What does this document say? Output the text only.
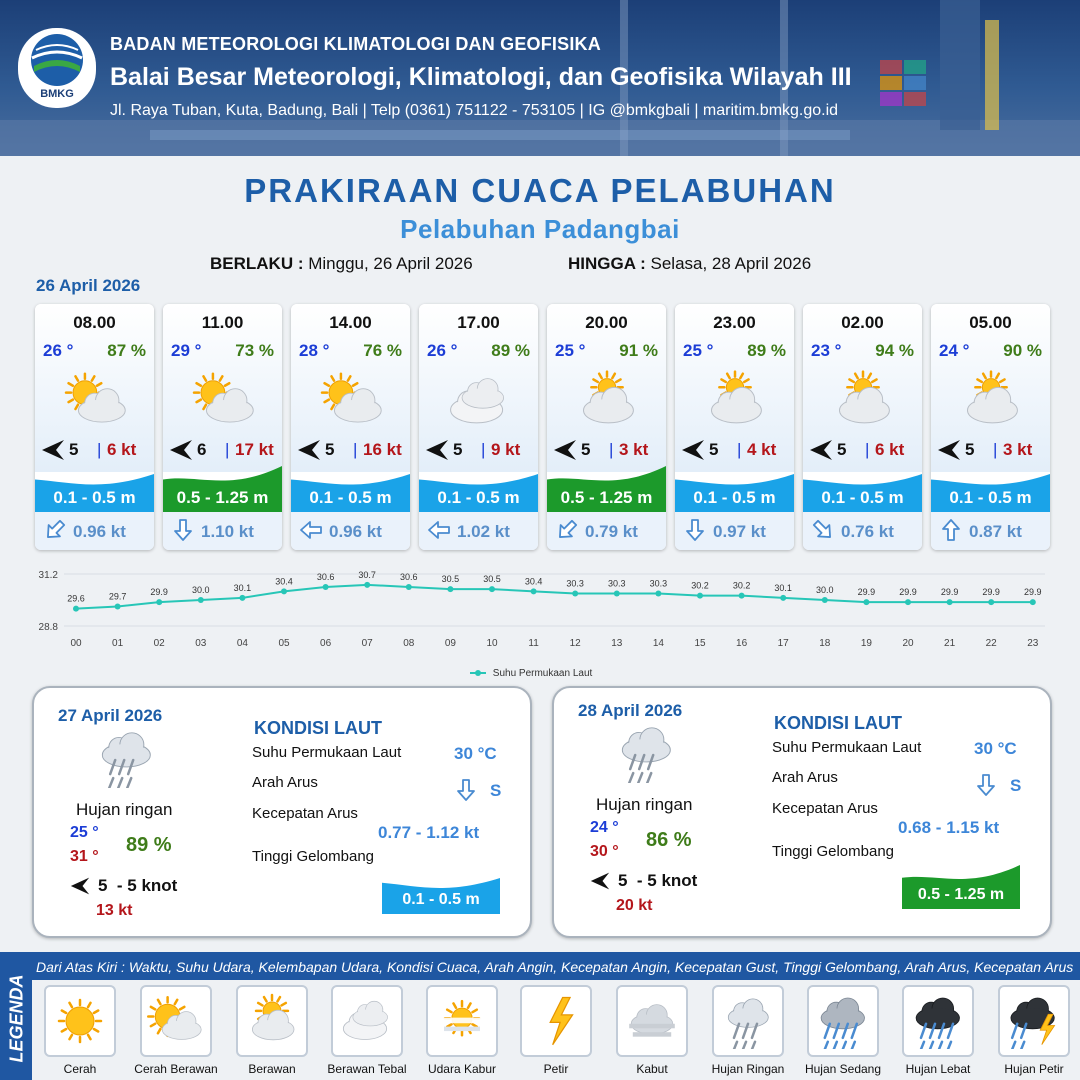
BMKG
BADAN METEOROLOGI KLIMATOLOGI DAN GEOFISIKA
Balai Besar Meteorologi, Klimatologi, dan Geofisika Wilayah III
Jl. Raya Tuban, Kuta, Badung, Bali | Telp (0361) 751122 - 753105 | IG @bmkgbali | maritim.bmkg.go.id
PRAKIRAAN CUACA PELABUHAN
Pelabuhan Padangbai
BERLAKU : Minggu, 26 April 2026	HINGGA : Selasa, 28 April 2026
26 April 2026
08.00
26 ° 87 %
5 | 6 kt
0.1 - 0.5 m
0.96 kt
11.00
29 ° 73 %
6 | 17 kt
0.5 - 1.25 m
1.10 kt
14.00
28 ° 76 %
5 | 16 kt
0.1 - 0.5 m
0.96 kt
17.00
26 ° 89 %
5 | 9 kt
0.1 - 0.5 m
1.02 kt
20.00
25 ° 91 %
5 | 3 kt
0.5 - 1.25 m
0.79 kt
23.00
25 ° 89 %
5 | 4 kt
0.1 - 0.5 m
0.97 kt
02.00
23 ° 94 %
5 | 6 kt
0.1 - 0.5 m
0.76 kt
05.00
24 ° 90 %
5 | 3 kt
0.1 - 0.5 m
0.87 kt
31.2
28.8
29.6
00
29.7
01
29.9
02
30.0
03
30.1
04
30.4
05
30.6
06
30.7
07
30.6
08
30.5
09
30.5
10
30.4
11
30.3
12
30.3
13
30.3
14
30.2
15
30.2
16
30.1
17
30.0
18
29.9
19
29.9
20
29.9
21
29.9
22
29.9
23
Suhu Permukaan Laut
27 April 2026
Hujan ringan
25 °
31 °
89 %
5  - 5 knot
13 kt
KONDISI LAUT
Suhu Permukaan Laut	30 °C
Arah Arus	S
Kecepatan Arus
0.77 - 1.12 kt
Tinggi Gelombang
0.1 - 0.5 m
28 April 2026
Hujan ringan
24 °
30 °
86 %
5  - 5 knot
20 kt
KONDISI LAUT
Suhu Permukaan Laut	30 °C
Arah Arus	S
Kecepatan Arus
0.68 - 1.15 kt
Tinggi Gelombang
0.5 - 1.25 m
LEGENDA
Dari Atas Kiri : Waktu, Suhu Udara, Kelembapan Udara, Kondisi Cuaca, Arah Angin, Kecepatan Angin, Kecepatan Gust, Tinggi Gelombang, Arah Arus, Kecepatan Arus
Cerah	Cerah Berawan	Berawan	Berawan Tebal	Udara Kabur	Petir	Kabut	Hujan Ringan	Hujan Sedang	Hujan Lebat	Hujan Petir
